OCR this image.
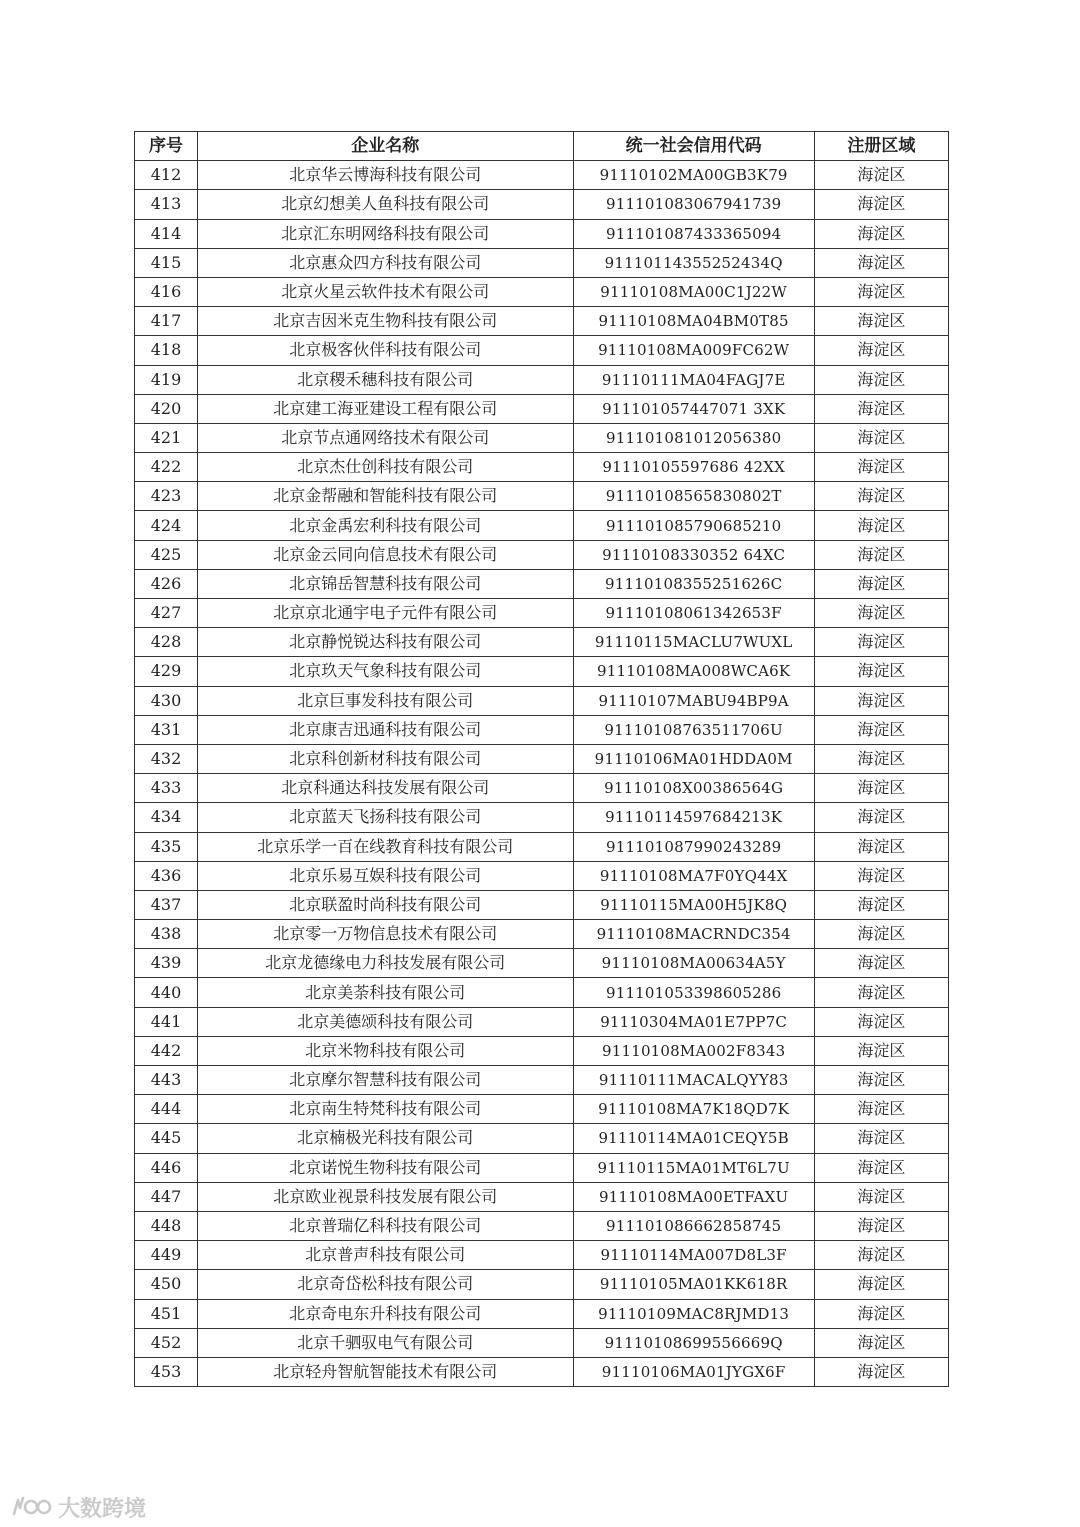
序号	企业名称	统一社会信用代码	注册区域
412	北京华云博海科技有限公司	91110102MA00GB3K79	海淀区
413	北京幻想美人鱼科技有限公司	911101083067941739	海淀区
414	北京汇东明网络科技有限公司	911101087433365094	海淀区
415	北京惠众四方科技有限公司	91110114355252434Q	海淀区
416	北京火星云软件技术有限公司	91110108MA00C1J22W	海淀区
417	北京吉因米克生物科技有限公司	91110108MA04BM0T85	海淀区
418	北京极客伙伴科技有限公司	91110108MA009FC62W	海淀区
419	北京稷禾穗科技有限公司	91110111MA04FAGJ7E	海淀区
420	北京建工海亚建设工程有限公司	911101057447071 3XK	海淀区
421	北京节点通网络技术有限公司	911101081012056380	海淀区
422	北京杰仕创科技有限公司	91110105597686 42XX	海淀区
423	北京金帮融和智能科技有限公司	91110108565830802T	海淀区
424	北京金禹宏利科技有限公司	911101085790685210	海淀区
425	北京金云同向信息技术有限公司	91110108330352 64XC	海淀区
426	北京锦岳智慧科技有限公司	91110108355251626C	海淀区
427	北京京北通宇电子元件有限公司	91110108061342653F	海淀区
428	北京静悦锐达科技有限公司	91110115MACLU7WUXL	海淀区
429	北京玖天气象科技有限公司	91110108MA008WCA6K	海淀区
430	北京巨事发科技有限公司	91110107MABU94BP9A	海淀区
431	北京康吉迅通科技有限公司	91110108763511706U	海淀区
432	北京科创新材科技有限公司	91110106MA01HDDA0M	海淀区
433	北京科通达科技发展有限公司	91110108X00386564G	海淀区
434	北京蓝天飞扬科技有限公司	91110114597684213K	海淀区
435	北京乐学一百在线教育科技有限公司	911101087990243289	海淀区
436	北京乐易互娱科技有限公司	91110108MA7F0YQ44X	海淀区
437	北京联盈时尚科技有限公司	91110115MA00H5JK8Q	海淀区
438	北京零一万物信息技术有限公司	91110108MACRNDC354	海淀区
439	北京龙德缘电力科技发展有限公司	91110108MA00634A5Y	海淀区
440	北京美荼科技有限公司	911101053398605286	海淀区
441	北京美德颂科技有限公司	91110304MA01E7PP7C	海淀区
442	北京米物科技有限公司	91110108MA002F8343	海淀区
443	北京摩尔智慧科技有限公司	91110111MACALQYY83	海淀区
444	北京南生特梵科技有限公司	91110108MA7K18QD7K	海淀区
445	北京楠极光科技有限公司	91110114MA01CEQY5B	海淀区
446	北京诺悦生物科技有限公司	91110115MA01MT6L7U	海淀区
447	北京欧业视景科技发展有限公司	91110108MA00ETFAXU	海淀区
448	北京普瑞亿科科技有限公司	911101086662858745	海淀区
449	北京普声科技有限公司	91110114MA007D8L3F	海淀区
450	北京奇岱松科技有限公司	91110105MA01KK618R	海淀区
451	北京奇电东升科技有限公司	91110109MAC8RJMD13	海淀区
452	北京千驷驭电气有限公司	91110108699556669Q	海淀区
453	北京轻舟智航智能技术有限公司	91110106MA01JYGX6F	海淀区
大数跨境
